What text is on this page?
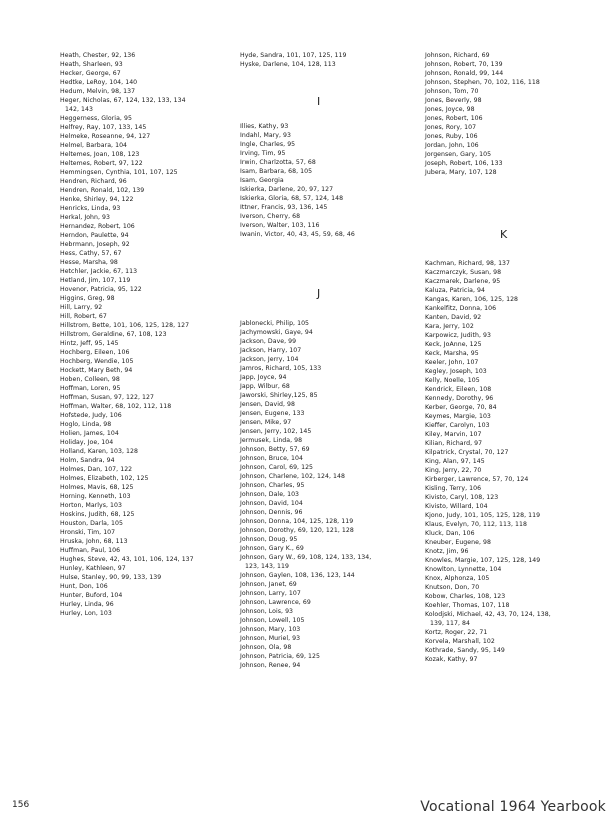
Heath, Chester, 92, 136
Heath, Sharleen, 93
Hecker, George, 67
Hedtke, LeRoy, 104, 140
Hedum, Melvin, 98, 137
Heger, Nicholas, 67, 124, 132, 133, 134
142, 143
Heggerness, Gloria, 95
Helfrey, Ray, 107, 133, 145
Helmeke, Roseanne, 94, 127
Helmel, Barbara, 104
Heltemes, Joan, 108, 123
Heltemes, Robert, 97, 122
Hemmingsen, Cynthia, 101, 107, 125
Hendren, Richard, 96
Hendren, Ronald, 102, 139
Henke, Shirley, 94, 122
Henricks, Linda, 93
Herkal, John, 93
Hernandez, Robert, 106
Herndon, Paulette, 94
Hebrmann, Joseph, 92
Hess, Cathy, 57, 67
Hesse, Marsha, 98
Hetchler, Jackie, 67, 113
Hetland, Jim, 107, 119
Hovenor, Patricia, 95, 122
Higgins, Greg, 98
Hill, Larry, 92
Hill, Robert, 67
Hillstrom, Bette, 101, 106, 125, 128, 127
Hillstrom, Geraldine, 67, 108, 123
Hintz, Jeff, 95, 145
Hochberg, Eileen, 106
Hochberg, Wendie, 105
Hockett, Mary Beth, 94
Hoben, Colleen, 98
Hoffman, Loren, 95
Hoffman, Susan, 97, 122, 127
Hoffman, Walter, 68, 102, 112, 118
Hofstede, Judy, 106
Hoglo, Linda, 98
Holien, James, 104
Holiday, Joe, 104
Holland, Karen, 103, 128
Holm, Sandra, 94
Holmes, Dan, 107, 122
Holmes, Elizabeth, 102, 125
Holmes, Mavis, 68, 125
Horning, Kenneth, 103
Horton, Marlys, 103
Hoskins, Judith, 68, 125
Houston, Darla, 105
Hronski, Tim, 107
Hruska, John, 68, 113
Huffman, Paul, 106
Hughes, Steve, 42, 43, 101, 106, 124, 137
Hunley, Kathleen, 97
Hulse, Stanley, 90, 99, 133, 139
Hunt, Don, 106
Hunter, Buford, 104
Hurley, Linda, 96
Hurley, Lon, 103
Hyde, Sandra, 101, 107, 125, 119
Hyske, Darlene, 104, 128, 113
I
Illies, Kathy, 93
Indahl, Mary, 93
Ingle, Charles, 95
Irving, Tim, 95
Irwin, Charlzotta, 57, 68
Isam, Barbara, 68, 105
Isam, Georgia
Iskierka, Darlene, 20, 97, 127
Iskierka, Gloria, 68, 57, 124, 148
Ittner, Francis, 93, 136, 145
Iverson, Cherry, 68
Iverson, Walter, 103, 116
Iwanin, Victor, 40, 43, 45, 59, 68, 46
J
Jablonecki, Philip, 105
Jachymowski, Gaye, 94
Jackson, Dave, 99
Jackson, Harry, 107
Jackson, Jerry, 104
Jamros, Richard, 105, 133
Japp, Joyce, 94
Japp, Wilbur, 68
Jaworski, Shirley,125, 85
Jensen, David, 98
Jensen, Eugene, 133
Jensen, Mike, 97
Jensen, Jerry, 102, 145
Jermusek, Linda, 98
Johnson, Betty, 57, 69
Johnson, Bruce, 104
Johnson, Carol, 69, 125
Johnson, Charlene, 102, 124, 148
Johnson, Charles, 95
Johnson, Dale, 103
Johnson, David, 104
Johnson, Dennis, 96
Johnson, Donna, 104, 125, 128, 119
Johnson, Dorothy, 69, 120, 121, 128
Johnson, Doug, 95
Johnson, Gary K., 69
Johnson, Gary W., 69, 108, 124, 133, 134,
123, 143, 119
Johnson, Gaylen, 108, 136, 123, 144
Johnson, Janet, 69
Johnson, Larry, 107
Johnson, Lawrence, 69
Johnson, Lois, 93
Johnson, Lowell, 105
Johnson, Mary, 103
Johnson, Muriel, 93
Johnson, Ola, 98
Johnson, Patricia, 69, 125
Johnson, Renee, 94
Johnson, Richard, 69
Johnson, Robert, 70, 139
Johnson, Ronald, 99, 144
Johnson, Stephen, 70, 102, 116, 118
Johnson, Tom, 70
Jones, Beverly, 98
Jones, Joyce, 98
Jones, Robert, 106
Jones, Rory, 107
Jones, Ruby, 106
Jordan, John, 106
Jorgensen, Gary, 105
Joseph, Robert, 106, 133
Jubera, Mary, 107, 128
K
Kachman, Richard, 98, 137
Kaczmarczyk, Susan, 98
Kaczmarek, Darlene, 95
Kaluza, Patricia, 94
Kangas, Karen, 106, 125, 128
Kankelfitz, Donna, 106
Kanten, David, 92
Kara, Jerry, 102
Karpowicz, Judith, 93
Keck, JoAnne, 125
Keck, Marsha, 95
Keeler, John, 107
Kegley, Joseph, 103
Kelly, Noelle, 105
Kendrick, Eileen, 108
Kennedy, Dorothy, 96
Kerber, George, 70, 84
Keymes, Margie, 103
Kieffer, Carolyn, 103
Kiley, Marvin, 107
Kilian, Richard, 97
Kilpatrick, Crystal, 70, 127
King, Alan, 97, 145
King, Jerry, 22, 70
Kirberger, Lawrence, 57, 70, 124
Kisling, Terry, 106
Kivisto, Caryl, 108, 123
Kivisto, Willard, 104
Kjono, Judy, 101, 105, 125, 128, 119
Klaus, Evelyn, 70, 112, 113, 118
Kluck, Dan, 106
Kneuber, Eugene, 98
Knotz, Jim, 96
Knowles, Margie, 107, 125, 128, 149
Knowlton, Lynnette, 104
Knox, Alphonza, 105
Knutson, Don, 70
Kobow, Charles, 108, 123
Koehler, Thomas, 107, 118
Kolodjski, Michael, 42, 43, 70, 124, 138,
139, 117, 84
Kortz, Roger, 22, 71
Korvela, Marshall, 102
Kothrade, Sandy, 95, 149
Kozak, Kathy, 97
156	Vocational 1964 Yearbook
